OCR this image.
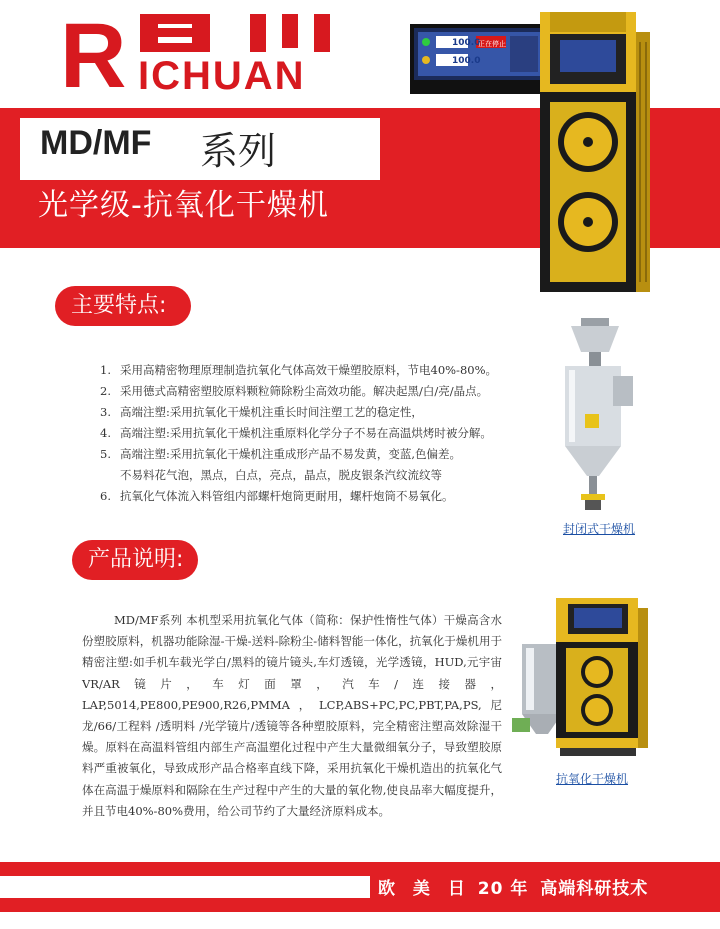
R ICHUAN
MD/MF 系列
光学级-抗氧化干燥机
100.0
100.0
正在停止
主要特点:
1. 采用高精密物理原理制造抗氧化气体高效干燥塑胶原料，节电40%-80%。
2. 采用德式高精密塑胶原料颗粒筛除粉尘高效功能。解决起黑/白/亮/晶点。
3. 高端注塑:采用抗氧化干燥机注重长时间注塑工艺的稳定性，
4. 高端注塑:采用抗氧化干燥机注重原料化学分子不易在高温烘烤时被分解。
5. 高端注塑:采用抗氧化干燥机注重成形产品不易发黄，变蓝,色偏差。
不易料花气泡，黑点，白点，亮点，晶点，脱皮银条汽纹流纹等
6. 抗氧化气体流入料管组内部螺杆炮筒更耐用，螺杆炮筒不易氧化。
封闭式干燥机
产品说明:
MD/MF系列 本机型采用抗氧化气体（简称：保护性惰性气体）干燥高含水份塑胶原料，机器功能除湿-干燥-送料-除粉尘-储料智能一体化，抗氧化于燥机用于精密注塑:如手机车载光学白/黑料的镜片镜头,车灯透镜，光学透镜，HUD,元宇宙VR/AR镜片，车灯面罩，汽车/连接器，LAP,5014,PE800,PE900,R26,PMMA，LCP,ABS+PC,PC,PBT,PA,PS,尼龙/66/工程料 /透明料 /光学镜片/透镜等各种塑胶原料，完全精密注塑高效除湿干燥。原料在高温料管组内部生产高温塑化过程中产生大量微细氧分子，导致塑胶原料严重被氧化，导致成形产品合格率直线下降，采用抗氧化干燥机造出的抗氧化气体在高温于燥原料和隔除在生产过程中产生的大量的氧化物,使良品率大幅度提升，并且节电40%-80%费用，给公司节约了大量经济原料成本。
抗氧化干燥机
欧 美 日 20 年 高端科研技术
